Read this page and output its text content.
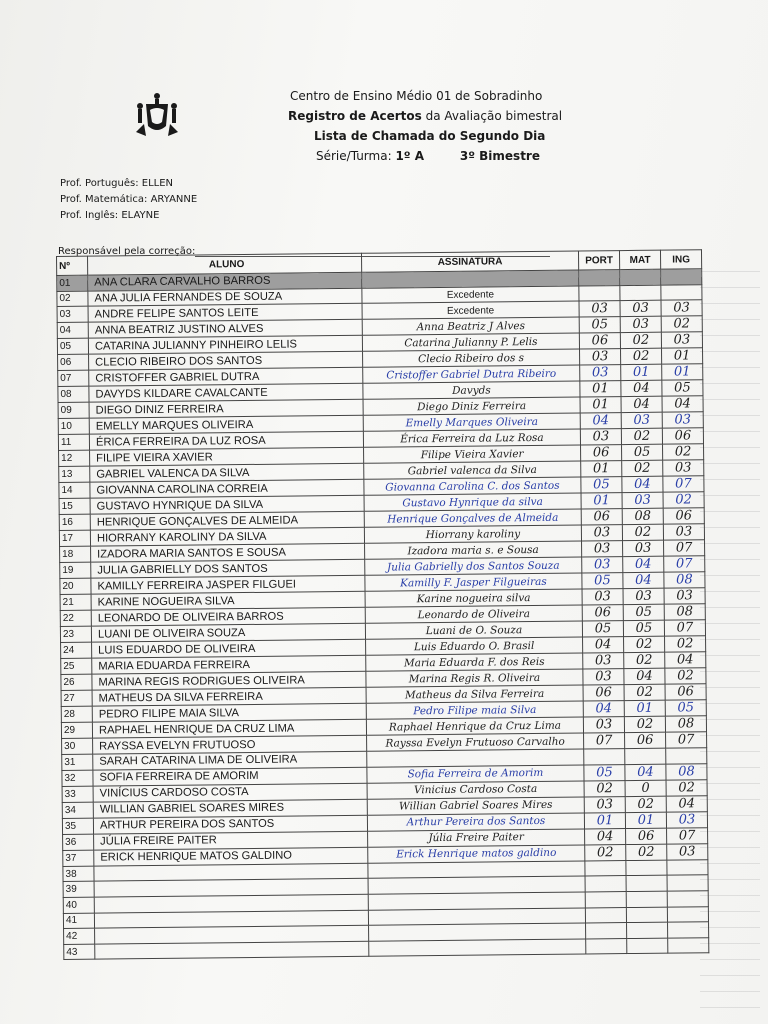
Centro de Ensino Médio 01 de Sobradinho
Registro de Acertos da Avaliação bimestral
Lista de Chamada do Segundo Dia
Série/Turma: 1º A	3º Bimestre
Prof. Português: ELLEN
Prof. Matemática: ARYANNE
Prof. Inglês: ELAYNE
Responsável pela correção:
Nº	ALUNO	ASSINATURA	PORT	MAT	ING
01	ANA CLARA CARVALHO BARROS				
02	ANA JULIA FERNANDES DE SOUZA	Excedente			
03	ANDRE FELIPE SANTOS LEITE	Excedente	03	03	03
04	ANNA BEATRIZ JUSTINO ALVES	Anna Beatriz J Alves	05	03	02
05	CATARINA JULIANNY PINHEIRO LELIS	Catarina Julianny P. Lelis	06	02	03
06	CLECIO RIBEIRO DOS SANTOS	Clecio Ribeiro dos s	03	02	01
07	CRISTOFFER GABRIEL DUTRA	Cristoffer Gabriel Dutra Ribeiro	03	01	01
08	DAVYDS KILDARE CAVALCANTE	Davyds	01	04	05
09	DIEGO DINIZ FERREIRA	Diego Diniz Ferreira	01	04	04
10	EMELLY MARQUES OLIVEIRA	Emelly Marques Oliveira	04	03	03
11	ÉRICA FERREIRA DA LUZ ROSA	Érica Ferreira da Luz Rosa	03	02	06
12	FILIPE VIEIRA XAVIER	Filipe Vieira Xavier	06	05	02
13	GABRIEL VALENCA DA SILVA	Gabriel valenca da Silva	01	02	03
14	GIOVANNA CAROLINA CORREIA	Giovanna Carolina C. dos Santos	05	04	07
15	GUSTAVO HYNRIQUE DA SILVA	Gustavo Hynrique da silva	01	03	02
16	HENRIQUE GONÇALVES DE ALMEIDA	Henrique Gonçalves de Almeida	06	08	06
17	HIORRANY KAROLINY DA SILVA	Hiorrany karoliny	03	02	03
18	IZADORA MARIA SANTOS E SOUSA	Izadora maria s. e Sousa	03	03	07
19	JULIA GABRIELLY DOS SANTOS	Julia Gabrielly dos Santos Souza	03	04	07
20	KAMILLY FERREIRA JASPER FILGUEI	Kamilly F. Jasper Filgueiras	05	04	08
21	KARINE NOGUEIRA SILVA	Karine nogueira silva	03	03	03
22	LEONARDO DE OLIVEIRA BARROS	Leonardo de Oliveira	06	05	08
23	LUANI DE OLIVEIRA SOUZA	Luani de O. Souza	05	05	07
24	LUIS EDUARDO DE OLIVEIRA	Luis Eduardo O. Brasil	04	02	02
25	MARIA EDUARDA FERREIRA	Maria Eduarda F. dos Reis	03	02	04
26	MARINA REGIS RODRIGUES OLIVEIRA	Marina Regis R. Oliveira	03	04	02
27	MATHEUS DA SILVA FERREIRA	Matheus da Silva Ferreira	06	02	06
28	PEDRO FILIPE MAIA SILVA	Pedro Filipe maia Silva	04	01	05
29	RAPHAEL HENRIQUE DA CRUZ LIMA	Raphael Henrique da Cruz Lima	03	02	08
30	RAYSSA EVELYN FRUTUOSO	Rayssa Evelyn Frutuoso Carvalho	07	06	07
31	SARAH CATARINA LIMA DE OLIVEIRA				
32	SOFIA FERREIRA DE AMORIM	Sofia Ferreira de Amorim	05	04	08
33	VINÍCIUS CARDOSO COSTA	Vinicius Cardoso Costa	02	0	02
34	WILLIAN GABRIEL SOARES MIRES	Willian Gabriel Soares Mires	03	02	04
35	ARTHUR PEREIRA DOS SANTOS	Arthur Pereira dos Santos	01	01	03
36	JÚLIA FREIRE PAITER	Júlia Freire Paiter	04	06	07
37	ERICK HENRIQUE MATOS GALDINO	Erick Henrique matos galdino	02	02	03
38					
39					
40					
41					
42					
43					
